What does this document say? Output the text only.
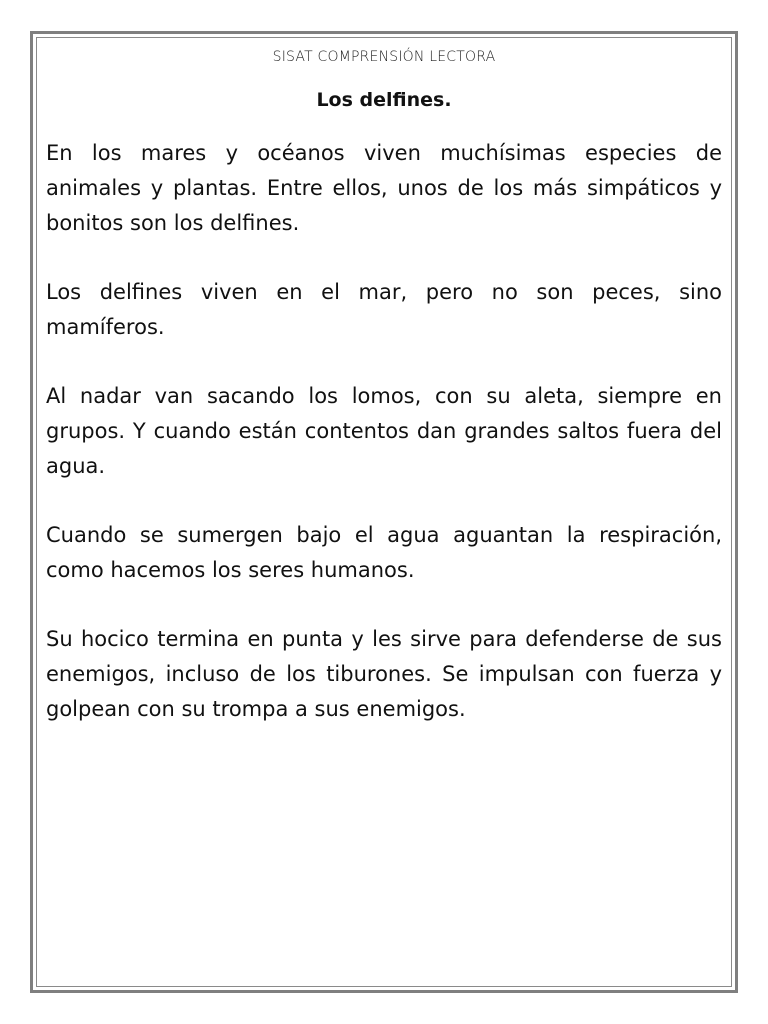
SISAT COMPRENSIÓN LECTORA
Los delfines.

En los mares y océanos viven muchísimas especies de animales y plantas. Entre ellos, unos de los más simpáticos y bonitos son los delfines.

Los delfines viven en el mar, pero no son peces, sino mamíferos.

Al nadar van sacando los lomos, con su aleta, siempre en grupos. Y cuando están contentos dan grandes saltos fuera del agua.

Cuando se sumergen bajo el agua aguantan la respiración, como hacemos los seres humanos.

Su hocico termina en punta y les sirve para defenderse de sus enemigos, incluso de los tiburones. Se impulsan con fuerza y golpean con su trompa a sus enemigos.
